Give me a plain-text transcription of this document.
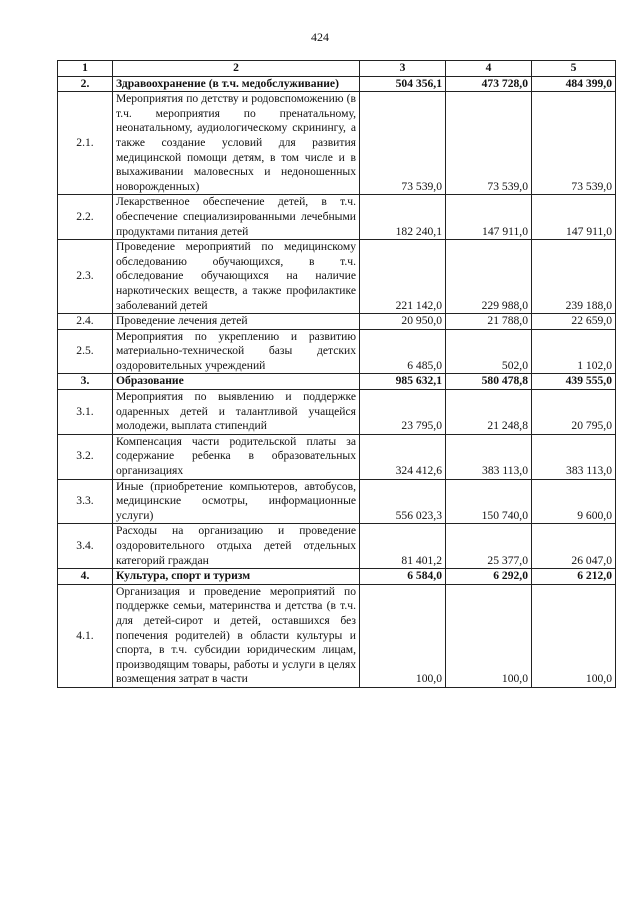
424
1	2	3	4	5
2.	Здравоохранение (в т.ч. медобслуживание)	504 356,1	473 728,0	484 399,0
2.1.	Мероприятия по детству и родовспоможению (в т.ч. мероприятия по пренатальному, неонатальному, аудиологическому скринингу, а также создание условий для развития медицинской помощи детям, в том числе и в выхаживании маловесных и недоношенных новорожденных)	73 539,0	73 539,0	73 539,0
2.2.	Лекарственное обеспечение детей, в т.ч. обеспечение специализированными лечебными продуктами питания детей	182 240,1	147 911,0	147 911,0
2.3.	Проведение мероприятий по медицинскому обследованию обучающихся, в т.ч. обследование обучающихся на наличие наркотических веществ, а также профилактике заболеваний детей	221 142,0	229 988,0	239 188,0
2.4.	Проведение лечения детей	20 950,0	21 788,0	22 659,0
2.5.	Мероприятия по укреплению и развитию материально-технической базы детских оздоровительных учреждений	6 485,0	502,0	1 102,0
3.	Образование	985 632,1	580 478,8	439 555,0
3.1.	Мероприятия по выявлению и поддержке одаренных детей и талантливой учащейся молодежи, выплата стипендий	23 795,0	21 248,8	20 795,0
3.2.	Компенсация части родительской платы за содержание ребенка в образовательных организациях	324 412,6	383 113,0	383 113,0
3.3.	Иные (приобретение компьютеров, автобусов, медицинские осмотры, информационные услуги)	556 023,3	150 740,0	9 600,0
3.4.	Расходы на организацию и проведение оздоровительного отдыха детей отдельных категорий граждан	81 401,2	25 377,0	26 047,0
4.	Культура, спорт и туризм	6 584,0	6 292,0	6 212,0
4.1.	Организация и проведение мероприятий по поддержке семьи, материнства и детства (в т.ч. для детей-сирот и детей, оставшихся без попечения родителей) в области культуры и спорта, в т.ч. субсидии юридическим лицам, производящим товары, работы и услуги в целях возмещения затрат в части	100,0	100,0	100,0
